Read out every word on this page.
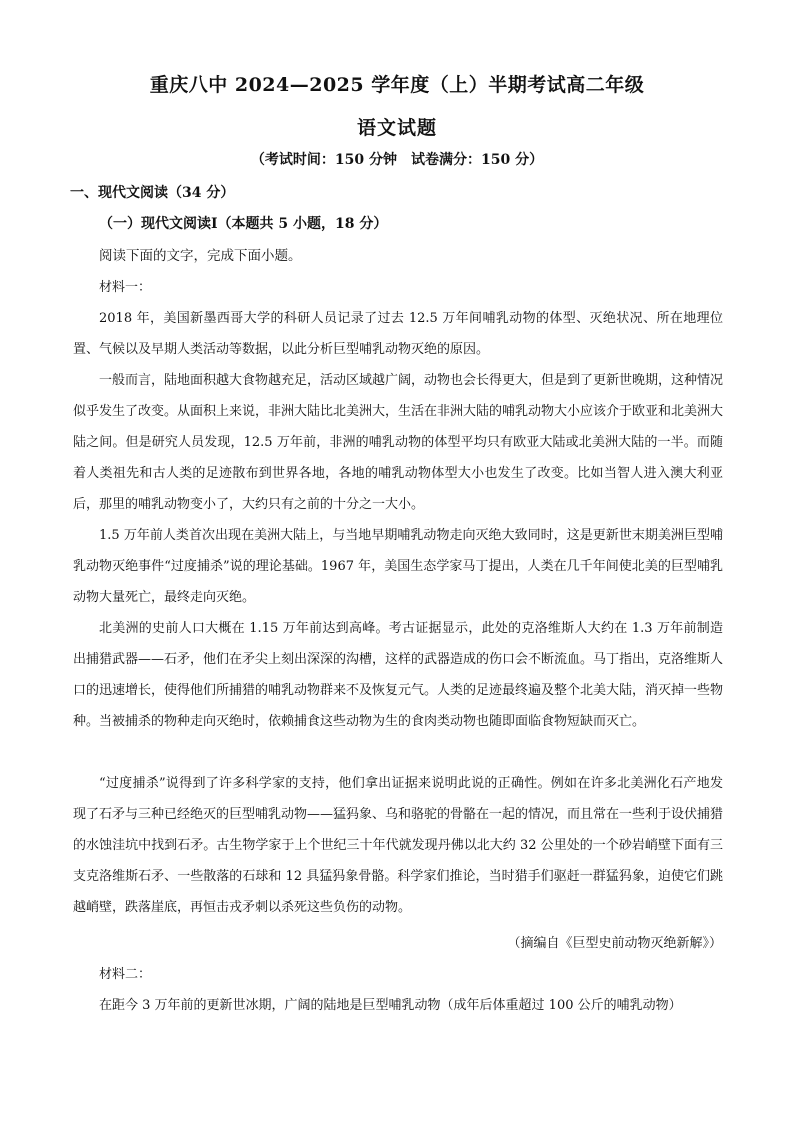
重庆八中 2024—2025 学年度（上）半期考试高二年级
语文试题
（考试时间：150 分钟　试卷满分：150 分）
一、现代文阅读（34 分）
（一）现代文阅读Ⅰ（本题共 5 小题，18 分）
阅读下面的文字，完成下面小题。
材料一：

2018 年，美国新墨西哥大学的科研人员记录了过去 12.5 万年间哺乳动物的体型、灭绝状况、所在地理位置、气候以及早期人类活动等数据，以此分析巨型哺乳动物灭绝的原因。

一般而言，陆地面积越大食物越充足，活动区域越广阔，动物也会长得更大，但是到了更新世晚期，这种情况似乎发生了改变。从面积上来说，非洲大陆比北美洲大，生活在非洲大陆的哺乳动物大小应该介于欧亚和北美洲大陆之间。但是研究人员发现，12.5 万年前，非洲的哺乳动物的体型平均只有欧亚大陆或北美洲大陆的一半。而随着人类祖先和古人类的足迹散布到世界各地，各地的哺乳动物体型大小也发生了改变。比如当智人进入澳大利亚后，那里的哺乳动物变小了，大约只有之前的十分之一大小。

1.5 万年前人类首次出现在美洲大陆上，与当地早期哺乳动物走向灭绝大致同时，这是更新世末期美洲巨型哺乳动物灭绝事件“过度捕杀”说的理论基础。1967 年，美国生态学家马丁提出，人类在几千年间使北美的巨型哺乳动物大量死亡，最终走向灭绝。

北美洲的史前人口大概在 1.15 万年前达到高峰。考古证据显示，此处的克洛维斯人大约在 1.3 万年前制造出捕猎武器——石矛，他们在矛尖上刻出深深的沟槽，这样的武器造成的伤口会不断流血。马丁指出，克洛维斯人口的迅速增长，使得他们所捕猎的哺乳动物群来不及恢复元气。人类的足迹最终遍及整个北美大陆，消灭掉一些物种。当被捕杀的物种走向灭绝时，依赖捕食这些动物为生的食肉类动物也随即面临食物短缺而灭亡。

“过度捕杀”说得到了许多科学家的支持，他们拿出证据来说明此说的正确性。例如在许多北美洲化石产地发现了石矛与三种已经绝灭的巨型哺乳动物——猛犸象、乌和骆驼的骨骼在一起的情况，而且常在一些利于设伏捕猎的水蚀洼坑中找到石矛。古生物学家于上个世纪三十年代就发现丹佛以北大约 32 公里处的一个砂岩峭壁下面有三支克洛维斯石矛、一些散落的石球和 12 具猛犸象骨骼。科学家们推论，当时猎手们驱赶一群猛犸象，迫使它们跳越峭壁，跌落崖底，再恒击戎矛刺以杀死这些负伤的动物。

（摘编自《巨型史前动物灭绝新解》）
材料二：

在距今 3 万年前的更新世冰期，广阔的陆地是巨型哺乳动物（成年后体重超过 100 公斤的哺乳动物）
